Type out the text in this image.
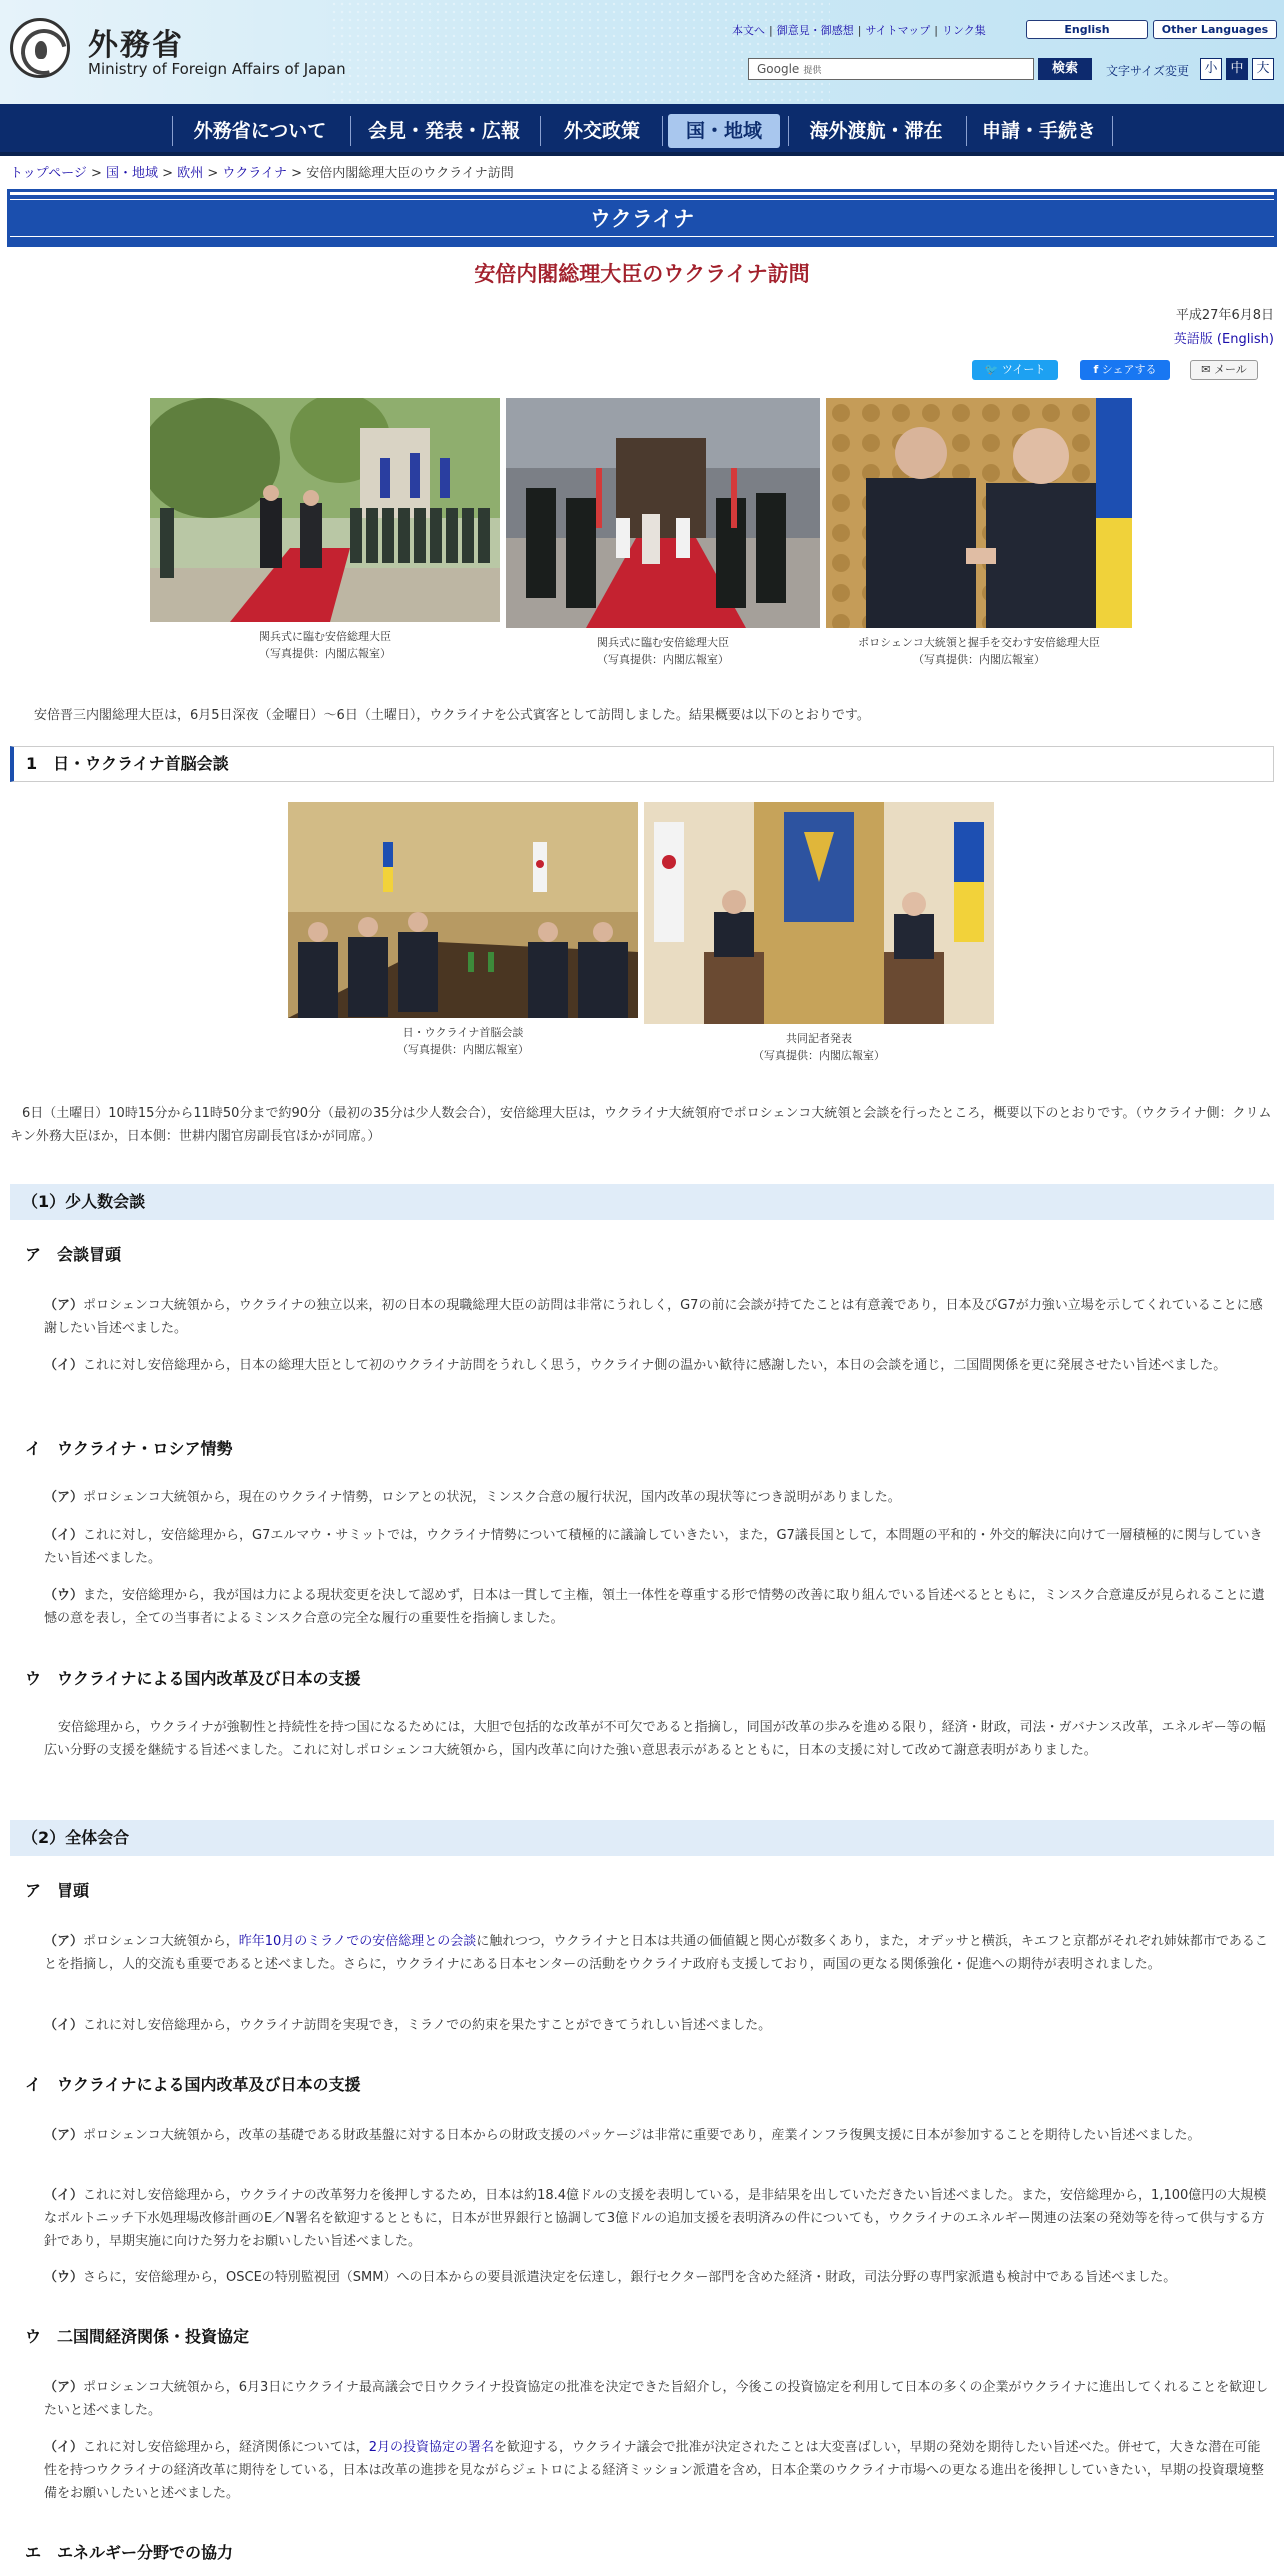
外務省
Ministry of Foreign Affairs of Japan
本文へ | 御意見・御感想 | サイトマップ | リンク集	English	Other Languages
Google 提供	検索	文字サイズ変更	小 中 大
外務省について	会見・発表・広報	外交政策	国・地域	海外渡航・滞在	申請・手続き
トップページ > 国・地域 > 欧州 > ウクライナ > 安倍内閣総理大臣のウクライナ訪問
ウクライナ
安倍内閣総理大臣のウクライナ訪問
平成27年6月8日
英語版 (English)
🐦 ツイート	f シェアする	✉ メール
関兵式に臨む安倍総理大臣
（写真提供：内閣広報室）
関兵式に臨む安倍総理大臣
（写真提供：内閣広報室）
ポロシェンコ大統領と握手を交わす安倍総理大臣
（写真提供：内閣広報室）
安倍晋三内閣総理大臣は，6月5日深夜（金曜日）～6日（土曜日），ウクライナを公式賓客として訪問しました。結果概要は以下のとおりです。
1　日・ウクライナ首脳会談
日・ウクライナ首脳会談
（写真提供：内閣広報室）
共同記者発表
（写真提供：内閣広報室）
6日（土曜日）10時15分から11時50分まで約90分（最初の35分は少人数会合），安倍総理大臣は，ウクライナ大統領府でポロシェンコ大統領と会談を行ったところ，概要以下のとおりです。（ウクライナ側：クリムキン外務大臣ほか，日本側：世耕内閣官房副長官ほかが同席。）
（1）少人数会談
ア　会談冒頭
（ア）ポロシェンコ大統領から，ウクライナの独立以来，初の日本の現職総理大臣の訪問は非常にうれしく，G7の前に会談が持てたことは有意義であり，日本及びG7が力強い立場を示してくれていることに感謝したい旨述べました。
（イ）これに対し安倍総理から，日本の総理大臣として初のウクライナ訪問をうれしく思う，ウクライナ側の温かい歓待に感謝したい，本日の会談を通じ，二国間関係を更に発展させたい旨述べました。
イ　ウクライナ・ロシア情勢
（ア）ポロシェンコ大統領から，現在のウクライナ情勢，ロシアとの状況，ミンスク合意の履行状況，国内改革の現状等につき説明がありました。
（イ）これに対し，安倍総理から，G7エルマウ・サミットでは，ウクライナ情勢について積極的に議論していきたい，また，G7議長国として，本問題の平和的・外交的解決に向けて一層積極的に関与していきたい旨述べました。
（ウ）また，安倍総理から，我が国は力による現状変更を決して認めず，日本は一貫して主権，領土一体性を尊重する形で情勢の改善に取り組んでいる旨述べるとともに，ミンスク合意違反が見られることに遺憾の意を表し，全ての当事者によるミンスク合意の完全な履行の重要性を指摘しました。
ウ　ウクライナによる国内改革及び日本の支援
安倍総理から，ウクライナが強靭性と持続性を持つ国になるためには，大胆で包括的な改革が不可欠であると指摘し，同国が改革の歩みを進める限り，経済・財政，司法・ガバナンス改革，エネルギー等の幅広い分野の支援を継続する旨述べました。これに対しポロシェンコ大統領から，国内改革に向けた強い意思表示があるとともに，日本の支援に対して改めて謝意表明がありました。
（2）全体会合
ア　冒頭
（ア）ポロシェンコ大統領から，昨年10月のミラノでの安倍総理との会談に触れつつ，ウクライナと日本は共通の価値観と関心が数多くあり，また，オデッサと横浜，キエフと京都がそれぞれ姉妹都市であることを指摘し，人的交流も重要であると述べました。さらに，ウクライナにある日本センターの活動をウクライナ政府も支援しており，両国の更なる関係強化・促進への期待が表明されました。
（イ）これに対し安倍総理から，ウクライナ訪問を実現でき，ミラノでの約束を果たすことができてうれしい旨述べました。
イ　ウクライナによる国内改革及び日本の支援
（ア）ポロシェンコ大統領から，改革の基礎である財政基盤に対する日本からの財政支援のパッケージは非常に重要であり，産業インフラ復興支援に日本が参加することを期待したい旨述べました。
（イ）これに対し安倍総理から，ウクライナの改革努力を後押しするため，日本は約18.4億ドルの支援を表明している，是非結果を出していただきたい旨述べました。また，安倍総理から，1,100億円の大規模なボルトニッチ下水処理場改修計画のE／N署名を歓迎するとともに，日本が世界銀行と協調して3億ドルの追加支援を表明済みの件についても，ウクライナのエネルギー関連の法案の発効等を待って供与する方針であり，早期実施に向けた努力をお願いしたい旨述べました。
（ウ）さらに，安倍総理から，OSCEの特別監視団（SMM）への日本からの要員派遣決定を伝達し，銀行セクター部門を含めた経済・財政，司法分野の専門家派遣も検討中である旨述べました。
ウ　二国間経済関係・投資協定
（ア）ポロシェンコ大統領から，6月3日にウクライナ最高議会で日ウクライナ投資協定の批准を決定できた旨紹介し，今後この投資協定を利用して日本の多くの企業がウクライナに進出してくれることを歓迎したいと述べました。
（イ）これに対し安倍総理から，経済関係については，2月の投資協定の署名を歓迎する，ウクライナ議会で批准が決定されたことは大変喜ばしい，早期の発効を期待したい旨述べた。併せて，大きな潜在可能性を持つウクライナの経済改革に期待をしている，日本は改革の進捗を見ながらジェトロによる経済ミッション派遣を含め，日本企業のウクライナ市場への更なる進出を後押ししていきたい，早期の投資環境整備をお願いしたいと述べました。
エ　エネルギー分野での協力
